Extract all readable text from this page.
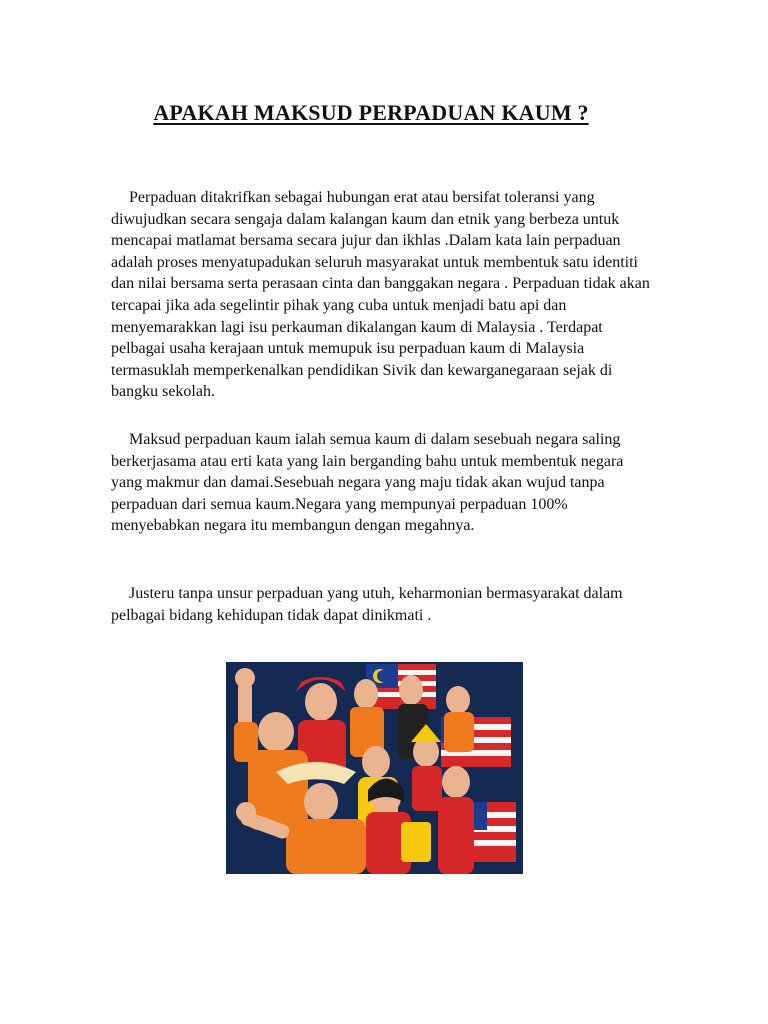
APAKAH MAKSUD PERPADUAN KAUM ?

Perpaduan ditakrifkan sebagai hubungan erat atau bersifat toleransi yang diwujudkan secara sengaja dalam kalangan kaum dan etnik yang berbeza untuk mencapai matlamat bersama secara jujur dan ikhlas .Dalam kata lain perpaduan adalah proses menyatupadukan seluruh masyarakat untuk membentuk satu identiti dan nilai bersama serta perasaan cinta dan banggakan negara . Perpaduan tidak akan tercapai jika ada segelintir pihak yang cuba untuk menjadi batu api dan menyemarakkan lagi isu perkauman dikalangan kaum di Malaysia . Terdapat pelbagai usaha kerajaan untuk memupuk isu perpaduan kaum di Malaysia termasuklah memperkenalkan pendidikan Sivik dan kewarganegaraan sejak di bangku sekolah.

Maksud perpaduan kaum ialah semua kaum di dalam sesebuah negara saling berkerjasama atau erti kata yang lain berganding bahu untuk membentuk negara yang makmur dan damai.Sesebuah negara yang maju tidak akan wujud tanpa perpaduan dari semua kaum.Negara yang mempunyai perpaduan 100% menyebabkan negara itu membangun dengan megahnya.

Justeru tanpa unsur perpaduan yang utuh, keharmonian bermasyarakat dalam pelbagai bidang kehidupan tidak dapat dinikmati .
